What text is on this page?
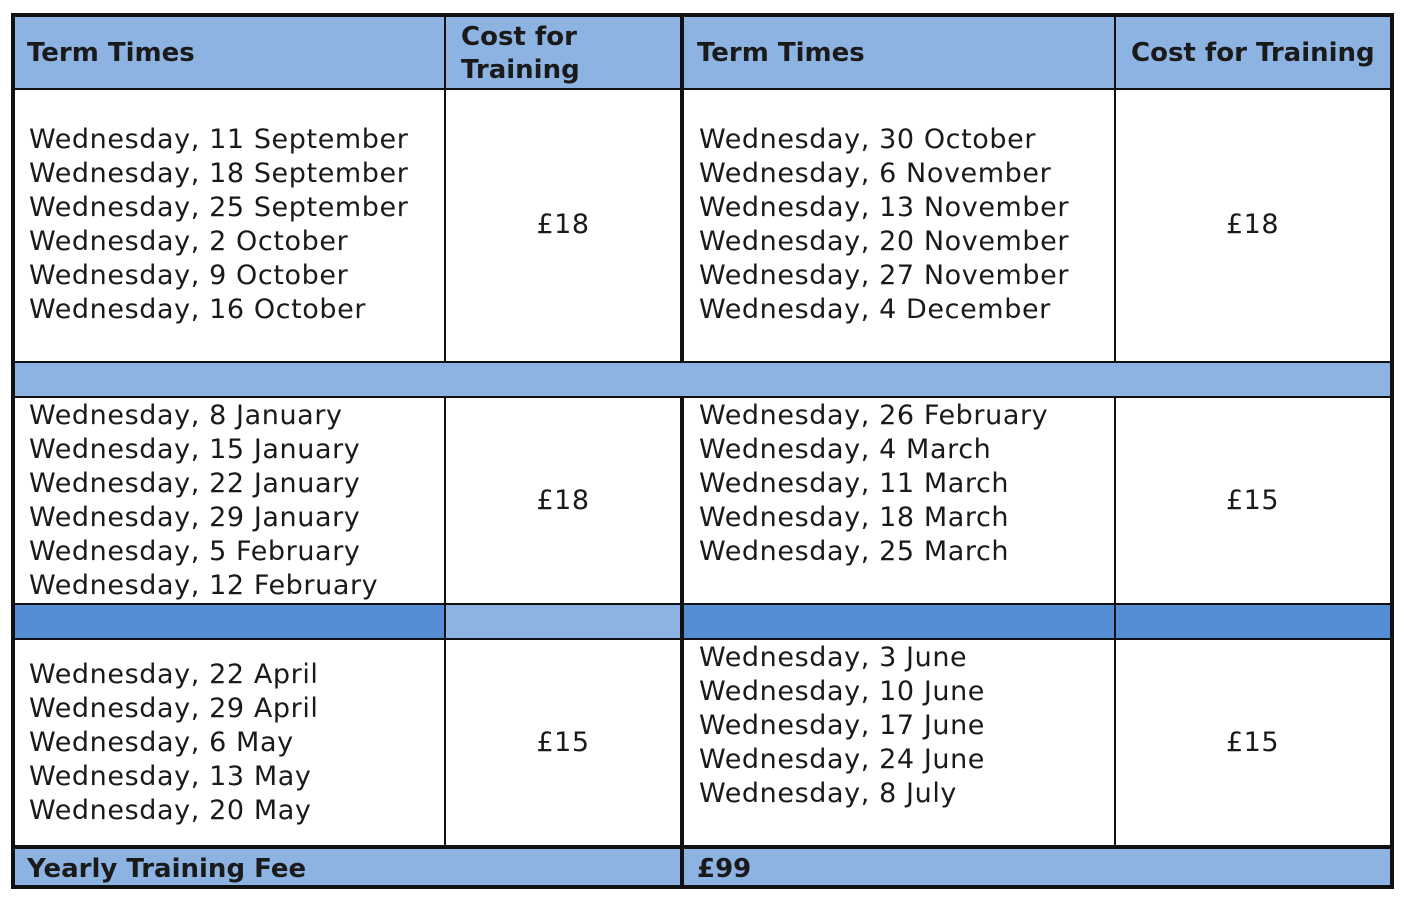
Term Times
Cost for
Training
Term Times	Cost for Training
Wednesday, 11 September
Wednesday, 18 September
Wednesday, 25 September
Wednesday, 2 October
Wednesday, 9 October
Wednesday, 16 October
£18
Wednesday, 30 October
Wednesday, 6 November
Wednesday, 13 November
Wednesday, 20 November
Wednesday, 27 November
Wednesday, 4 December
£18
Wednesday, 8 January
Wednesday, 15 January
Wednesday, 22 January
Wednesday, 29 January
Wednesday, 5 February
Wednesday, 12 February
£18
Wednesday, 26 February
Wednesday, 4 March
Wednesday, 11 March
Wednesday, 18 March
Wednesday, 25 March
£15
Wednesday, 22 April
Wednesday, 29 April
Wednesday, 6 May
Wednesday, 13 May
Wednesday, 20 May
£15
Wednesday, 3 June
Wednesday, 10 June
Wednesday, 17 June
Wednesday, 24 June
Wednesday, 8 July
£15
Yearly Training Fee	£99
